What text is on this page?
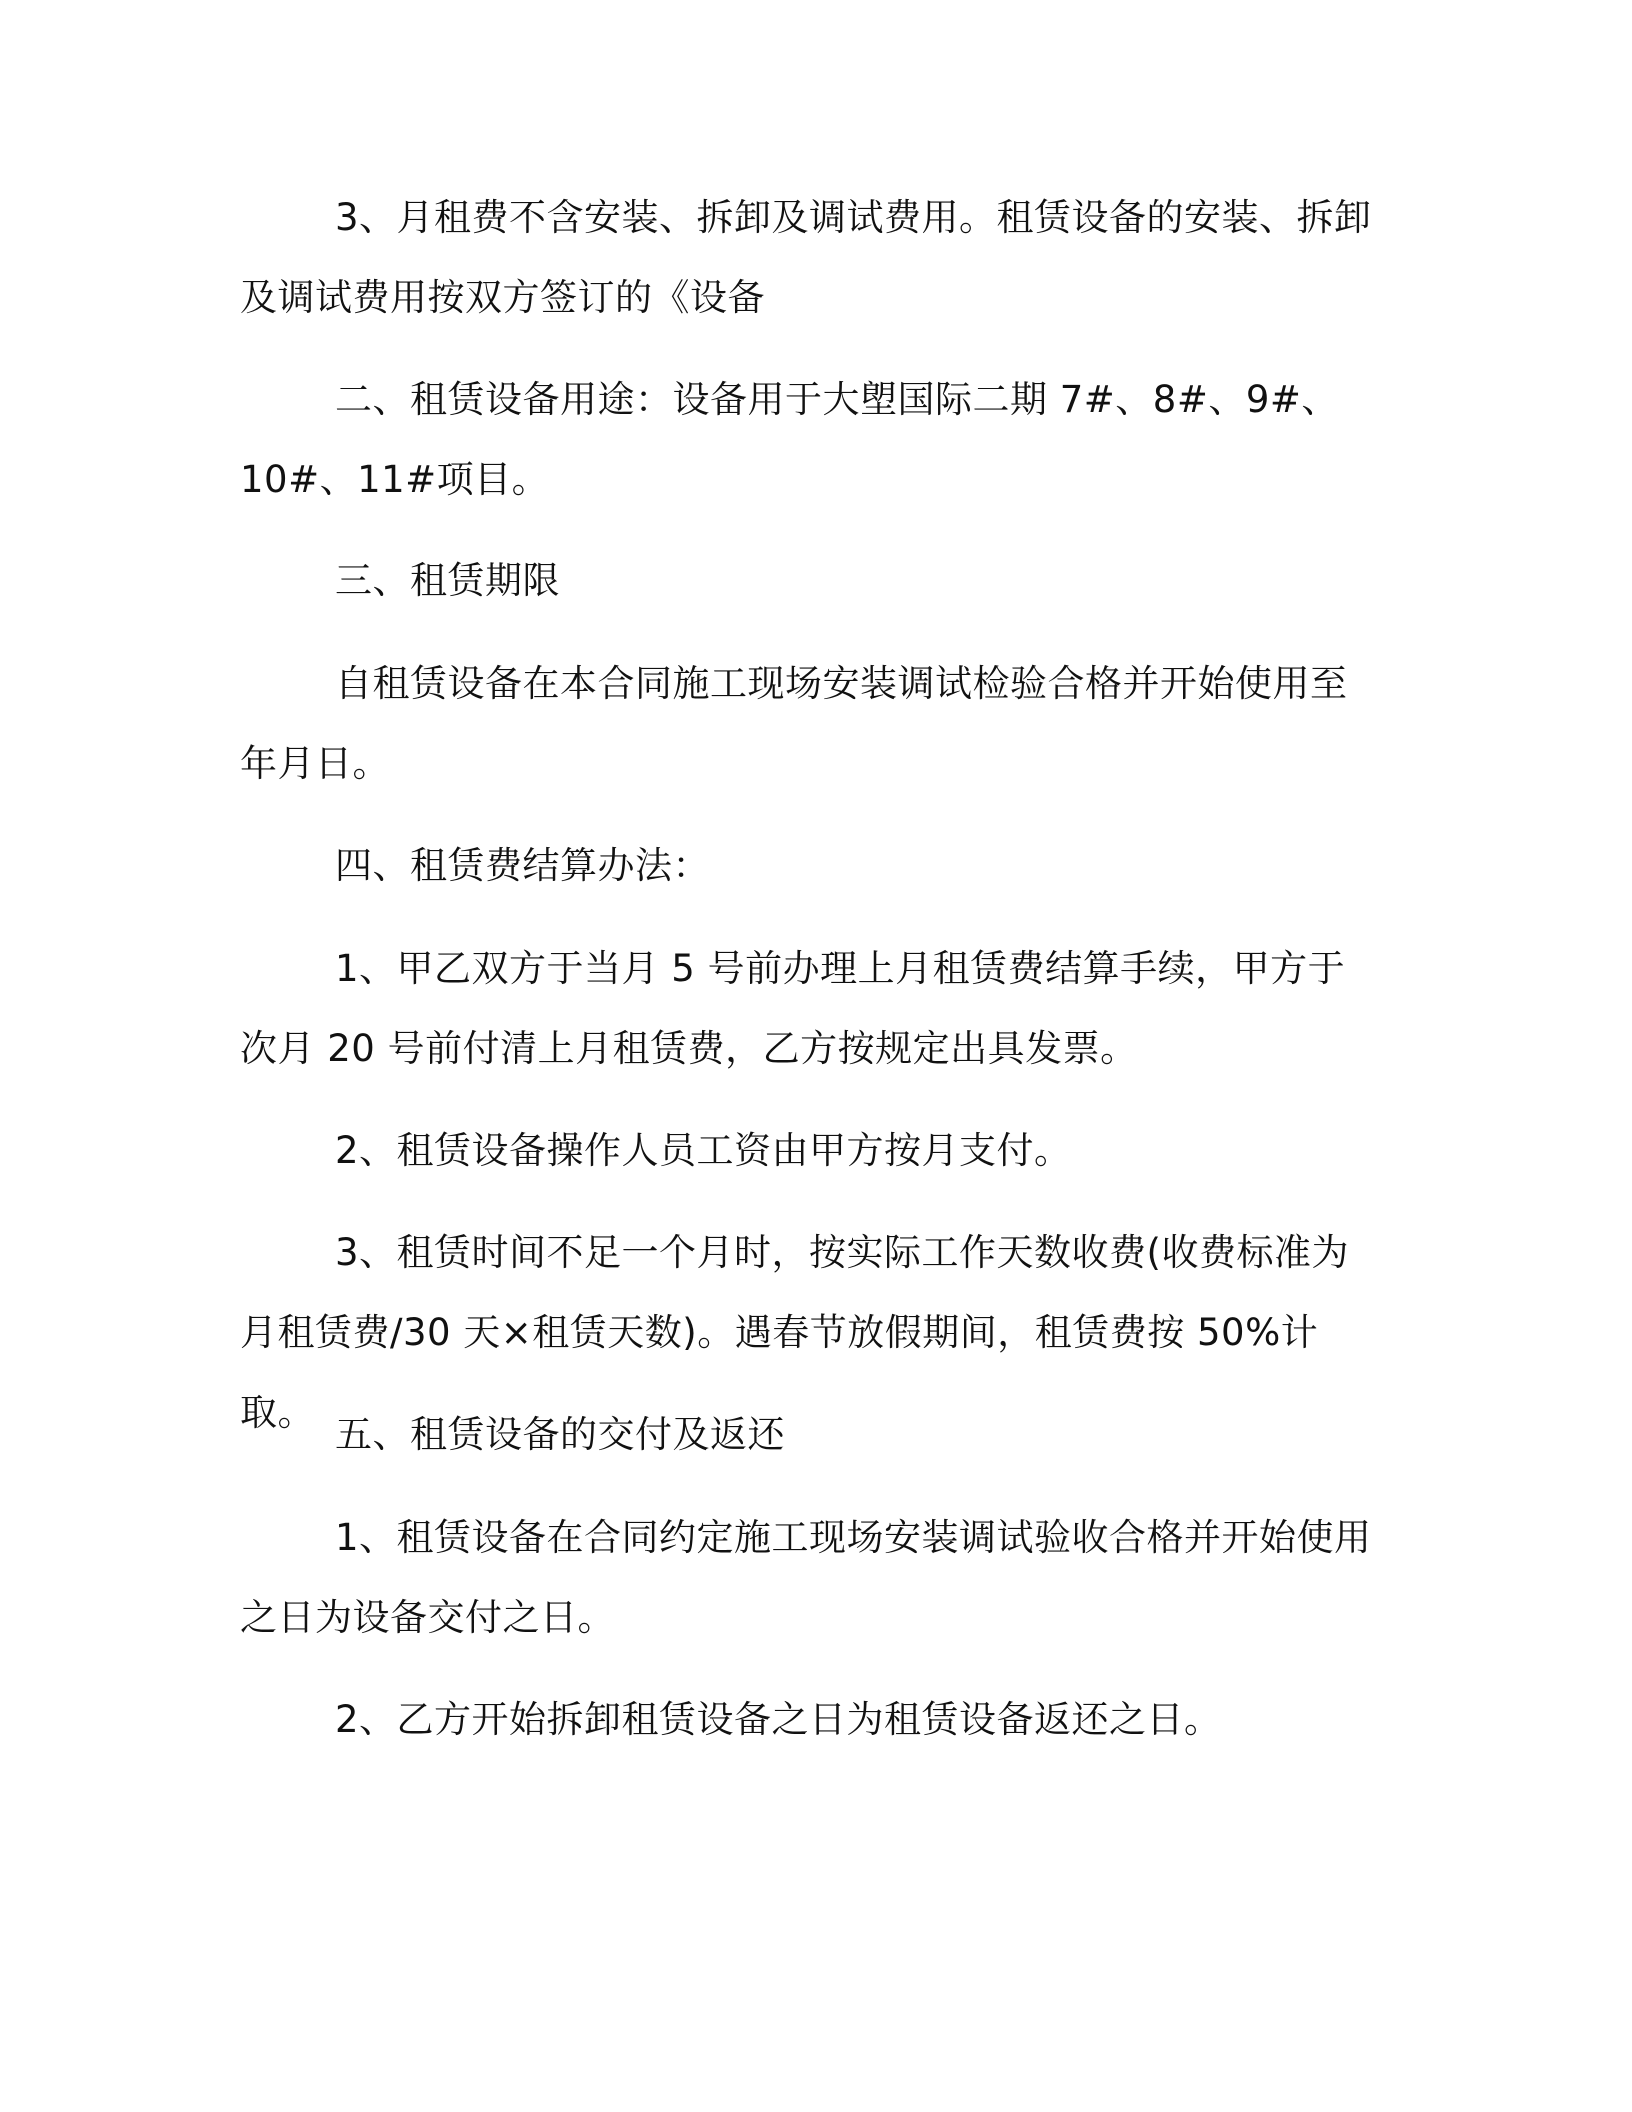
3、月租费不含安装、拆卸及调试费用。租赁设备的安装、拆卸及调试费用按双方签订的《设备

二、租赁设备用途：设备用于大塱国际二期 7#、8#、9#、10#、11#项目。

三、租赁期限

自租赁设备在本合同施工现场安装调试检验合格并开始使用至年月日。

四、租赁费结算办法：

1、甲乙双方于当月 5 号前办理上月租赁费结算手续，甲方于次月 20 号前付清上月租赁费，乙方按规定出具发票。

2、租赁设备操作人员工资由甲方按月支付。

3、租赁时间不足一个月时，按实际工作天数收费(收费标准为月租赁费/30 天×租赁天数)。遇春节放假期间，租赁费按 50%计取。

五、租赁设备的交付及返还

1、租赁设备在合同约定施工现场安装调试验收合格并开始使用之日为设备交付之日。

2、乙方开始拆卸租赁设备之日为租赁设备返还之日。
